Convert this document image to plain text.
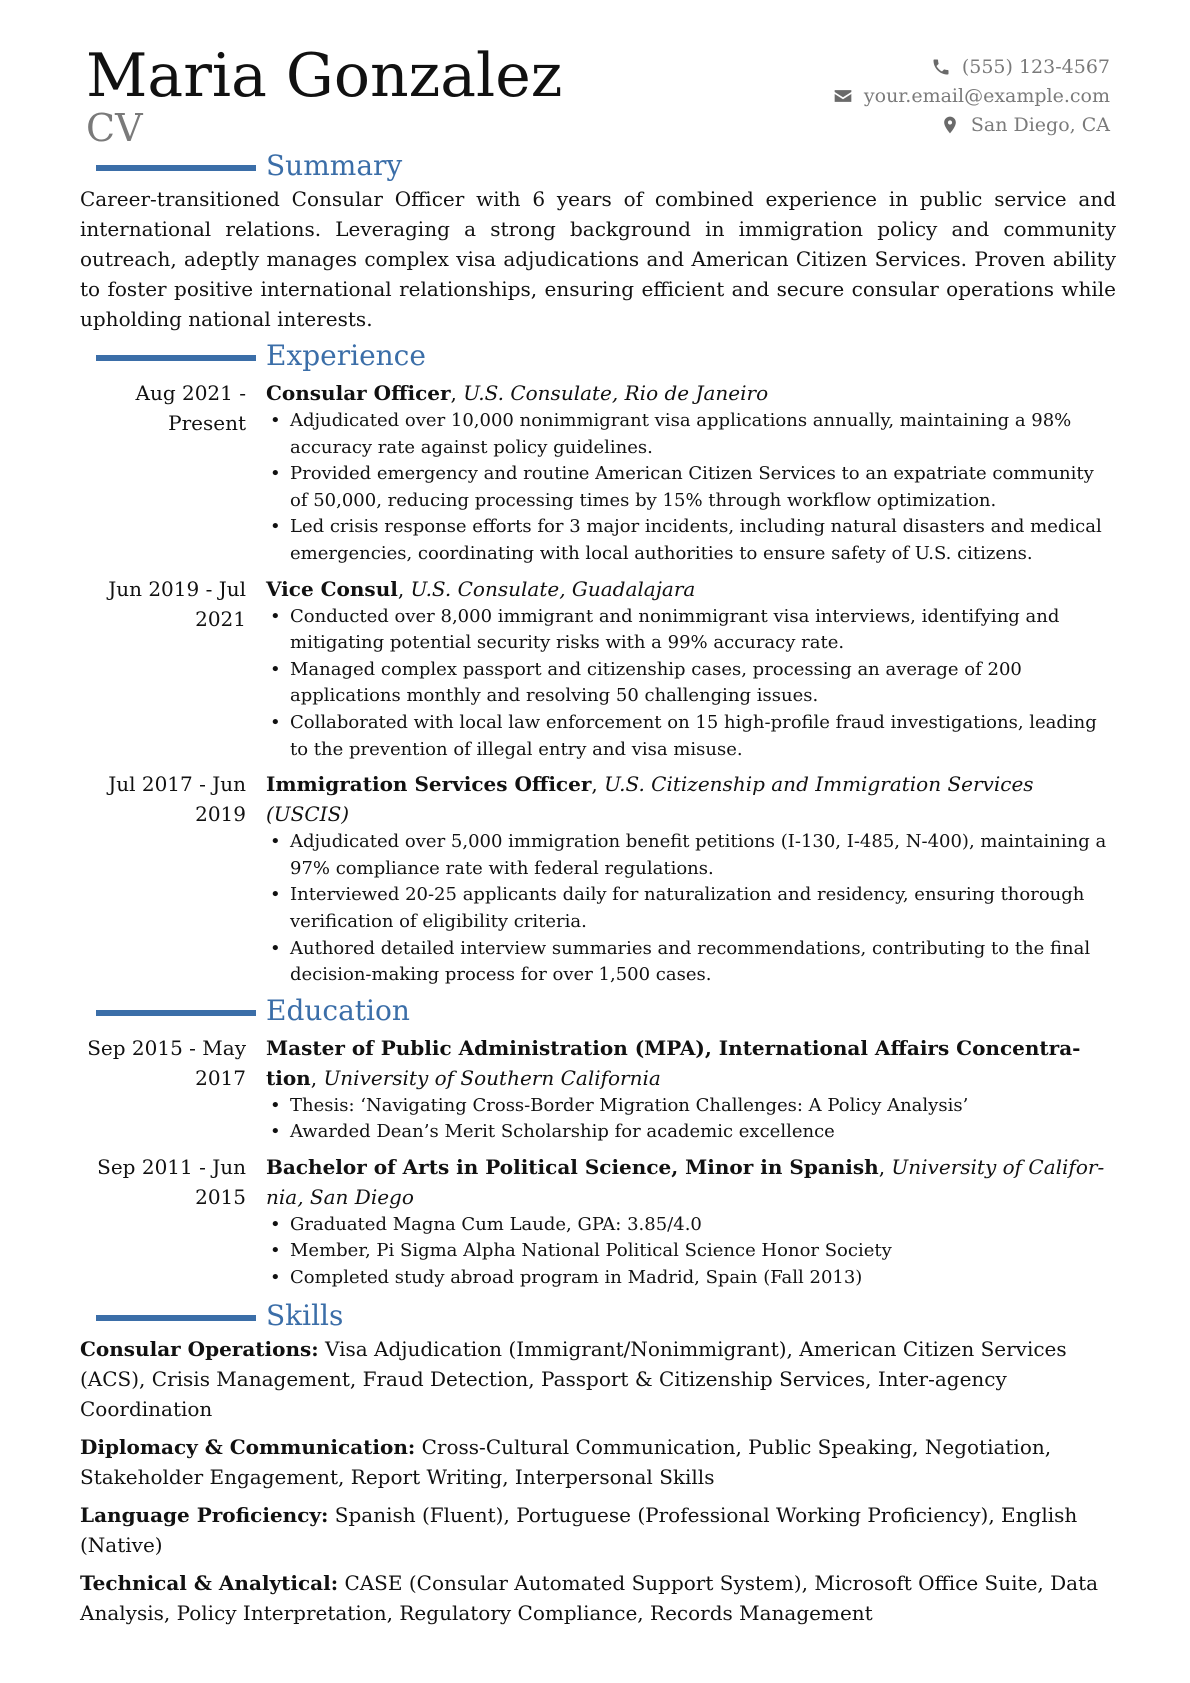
Maria Gonzalez
CV
(555) 123-4567
your.email@example.com
San Diego, CA
Summary
Career-transitioned Consular Officer with 6 years of combined experience in public service and international relations. Leveraging a strong background in immigration policy and community outreach, adeptly manages complex visa adjudications and American Citizen Services. Proven ability to foster positive international relationships, ensuring efficient and secure consular operations while upholding national interests.
Experience
Aug 2021 - Present
Consular Officer, U.S. Consulate, Rio de Janeiro
• Adjudicated over 10,000 nonimmigrant visa applications annually, maintaining a 98% accuracy rate against policy guidelines.
• Provided emergency and routine American Citizen Services to an expatriate community of 50,000, reducing processing times by 15% through workflow optimization.
• Led crisis response efforts for 3 major incidents, including natural disasters and medical emergencies, coordinating with local authorities to ensure safety of U.S. citizens.
Jun 2019 - Jul 2021
Vice Consul, U.S. Consulate, Guadalajara
• Conducted over 8,000 immigrant and nonimmigrant visa interviews, identifying and mitigating potential security risks with a 99% accuracy rate.
• Managed complex passport and citizenship cases, processing an average of 200 applications monthly and resolving 50 challenging issues.
• Collaborated with local law enforcement on 15 high-profile fraud investigations, leading to the prevention of illegal entry and visa misuse.
Jul 2017 - Jun 2019
Immigration Services Officer, U.S. Citizenship and Immigration Services (USCIS)
• Adjudicated over 5,000 immigration benefit petitions (I-130, I-485, N-400), maintaining a 97% compliance rate with federal regulations.
• Interviewed 20-25 applicants daily for naturalization and residency, ensuring thorough verification of eligibility criteria.
• Authored detailed interview summaries and recommendations, contributing to the final decision-making process for over 1,500 cases.
Education
Sep 2015 - May 2017
Master of Public Administration (MPA), International Affairs Concentration, University of Southern California
• Thesis: ‘Navigating Cross-Border Migration Challenges: A Policy Analysis’
• Awarded Dean’s Merit Scholarship for academic excellence
Sep 2011 - Jun 2015
Bachelor of Arts in Political Science, Minor in Spanish, University of California, San Diego
• Graduated Magna Cum Laude, GPA: 3.85/4.0
• Member, Pi Sigma Alpha National Political Science Honor Society
• Completed study abroad program in Madrid, Spain (Fall 2013)
Skills
Consular Operations: Visa Adjudication (Immigrant/Nonimmigrant), American Citizen Services (ACS), Crisis Management, Fraud Detection, Passport & Citizenship Services, Inter-agency Coordination
Diplomacy & Communication: Cross-Cultural Communication, Public Speaking, Negotiation, Stakeholder Engagement, Report Writing, Interpersonal Skills
Language Proficiency: Spanish (Fluent), Portuguese (Professional Working Proficiency), English (Native)
Technical & Analytical: CASE (Consular Automated Support System), Microsoft Office Suite, Data Analysis, Policy Interpretation, Regulatory Compliance, Records Management
